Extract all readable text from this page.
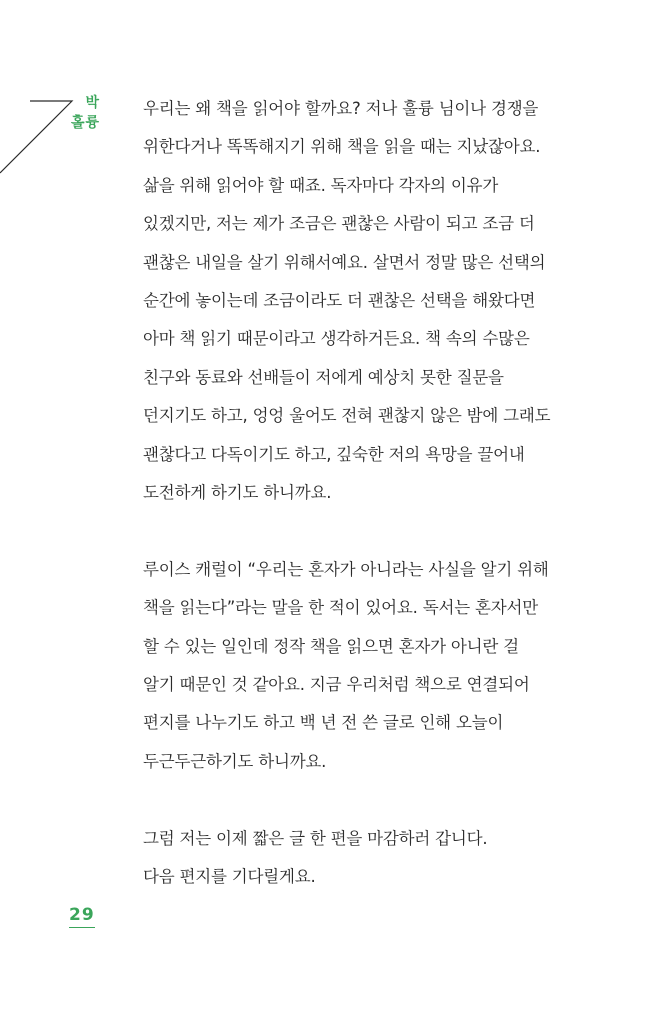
박
홀륭

우리는 왜 책을 읽어야 할까요? 저나 훌륭 님이나 경쟁을
위한다거나 똑똑해지기 위해 책을 읽을 때는 지났잖아요.
삶을 위해 읽어야 할 때죠. 독자마다 각자의 이유가
있겠지만, 저는 제가 조금은 괜찮은 사람이 되고 조금 더
괜찮은 내일을 살기 위해서예요. 살면서 정말 많은 선택의
순간에 놓이는데 조금이라도 더 괜찮은 선택을 해왔다면
아마 책 읽기 때문이라고 생각하거든요. 책 속의 수많은
친구와 동료와 선배들이 저에게 예상치 못한 질문을
던지기도 하고, 엉엉 울어도 전혀 괜찮지 않은 밤에 그래도
괜찮다고 다독이기도 하고, 깊숙한 저의 욕망을 끌어내
도전하게 하기도 하니까요.

루이스 캐럴이 “우리는 혼자가 아니라는 사실을 알기 위해
책을 읽는다”라는 말을 한 적이 있어요. 독서는 혼자서만
할 수 있는 일인데 정작 책을 읽으면 혼자가 아니란 걸
알기 때문인 것 같아요. 지금 우리처럼 책으로 연결되어
편지를 나누기도 하고 백 년 전 쓴 글로 인해 오늘이
두근두근하기도 하니까요.

그럼 저는 이제 짧은 글 한 편을 마감하러 갑니다.
다음 편지를 기다릴게요.

29
